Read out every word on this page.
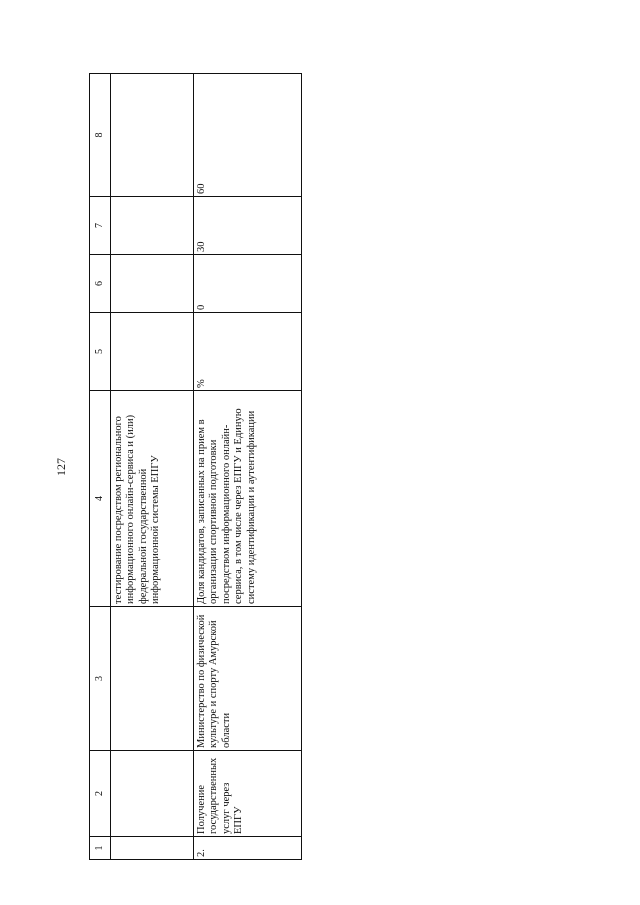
127
1	2	3	4	5	6	7	8
			тестирование посредством регионального информационного онлайн-сервиса и (или) федеральной государственной информационной системы ЕПГУ				
2.	Получение государственных услуг через ЕПГУ	Министерство по физической культуре и спорту Амурской области	Доля кандидатов, записанных на прием в организации спортивной подготовки посредством информационного онлайн-сервиса, в том числе через ЕПГУ и Единую систему идентификации и аутентификации	%	0	30	60
